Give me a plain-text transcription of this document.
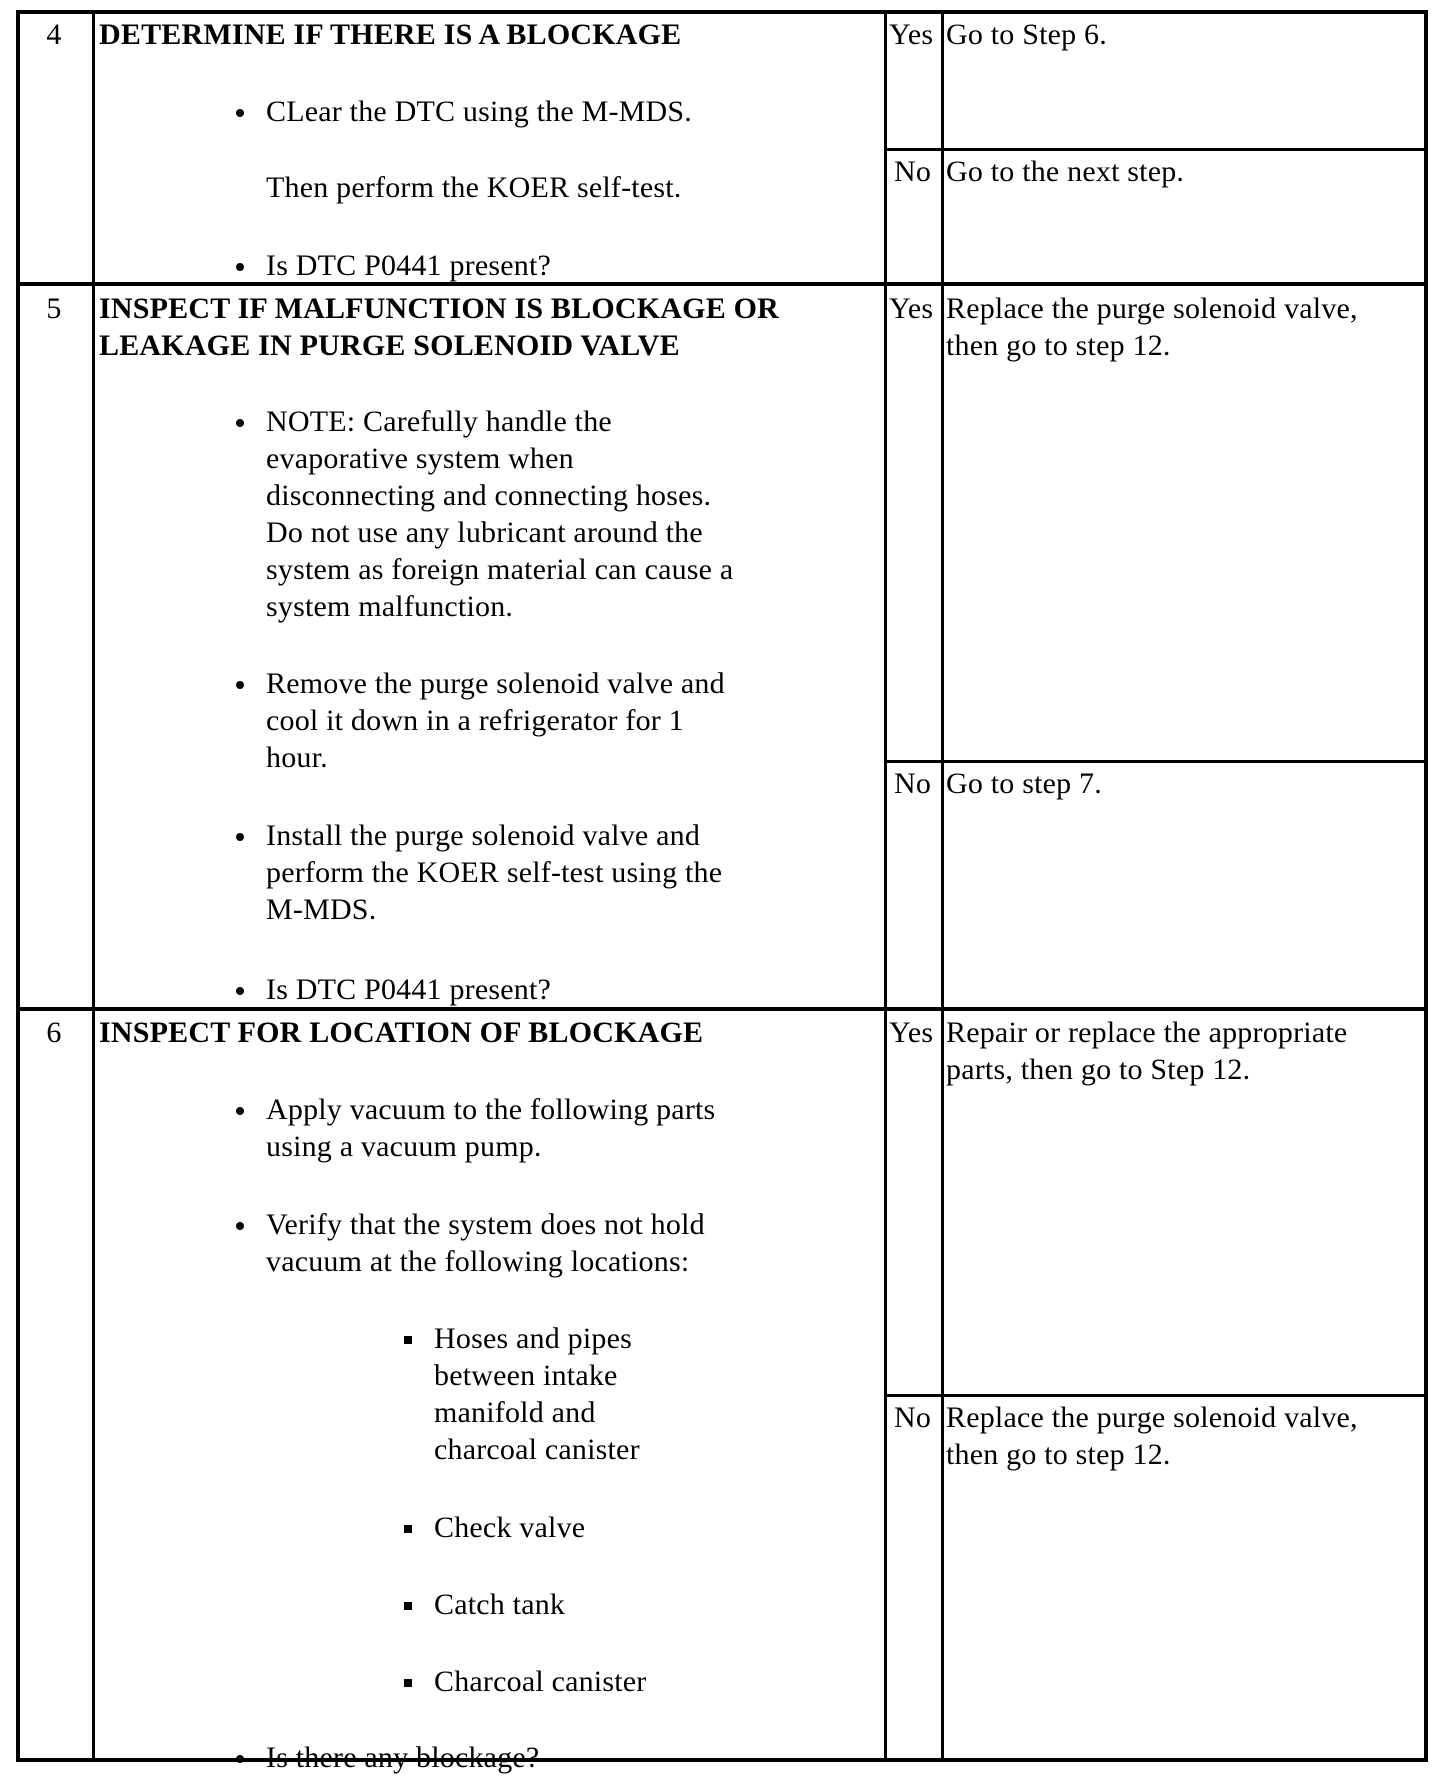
4	DETERMINE IF THERE IS A BLOCKAGE
CLear the DTC using the M-MDS.
Then perform the KOER self-test.
Is DTC P0441 present?
Yes Go to Step 6.
No Go to the next step.
5	INSPECT IF MALFUNCTION IS BLOCKAGE OR
LEAKAGE IN PURGE SOLENOID VALVE
NOTE: Carefully handle the
evaporative system when
disconnecting and connecting hoses.
Do not use any lubricant around the
system as foreign material can cause a
system malfunction.
Remove the purge solenoid valve and
cool it down in a refrigerator for 1
hour.
Install the purge solenoid valve and
perform the KOER self-test using the
M-MDS.
Is DTC P0441 present?
Yes Replace the purge solenoid valve,
then go to step 12.
No Go to step 7.
6	INSPECT FOR LOCATION OF BLOCKAGE
Apply vacuum to the following parts
using a vacuum pump.
Verify that the system does not hold
vacuum at the following locations:
Hoses and pipes
between intake
manifold and
charcoal canister
Check valve
Catch tank
Charcoal canister
Is there any blockage?
Yes Repair or replace the appropriate
parts, then go to Step 12.
No Replace the purge solenoid valve,
then go to step 12.
